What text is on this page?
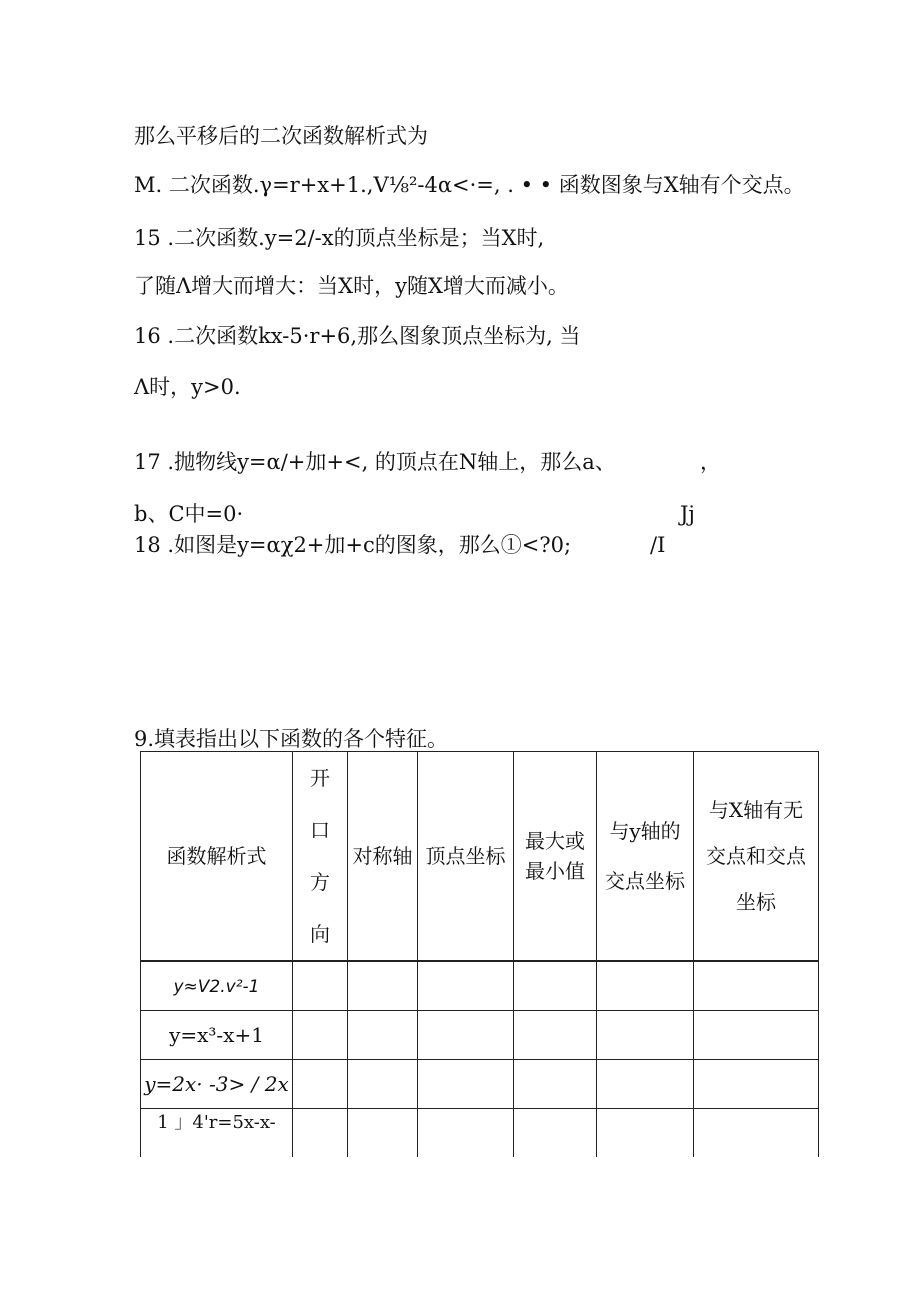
那么平移后的二次函数解析式为
M. 二次函数.γ=r+x+1.,V⅛²-4α<·=, . • • 函数图象与X轴有个交点。
15 .二次函数.y=2∕-x的顶点坐标是；当X时,
了随Λ增大而增大：当X时，y随X增大而减小。
16 .二次函数kx-5·r+6,那么图象顶点坐标为, 当
Λ时，y>0.
17 .抛物线y=α∕+加+<, 的顶点在N轴上，那么a、	，
b、C中=0·	Jj
18 .如图是y=αχ2+加+c的图象，那么①<?0;	/I
9.填表指出以下函数的各个特征。
函数解析式	开口方向	对称轴	顶点坐标	最大或最小值	与y轴的交点坐标	与X轴有无交点和交点坐标
y≈V2.v²-1						
y=x³-x+1						
y=2x· -3> / 2x						
1 」4'r=5x-x-						
